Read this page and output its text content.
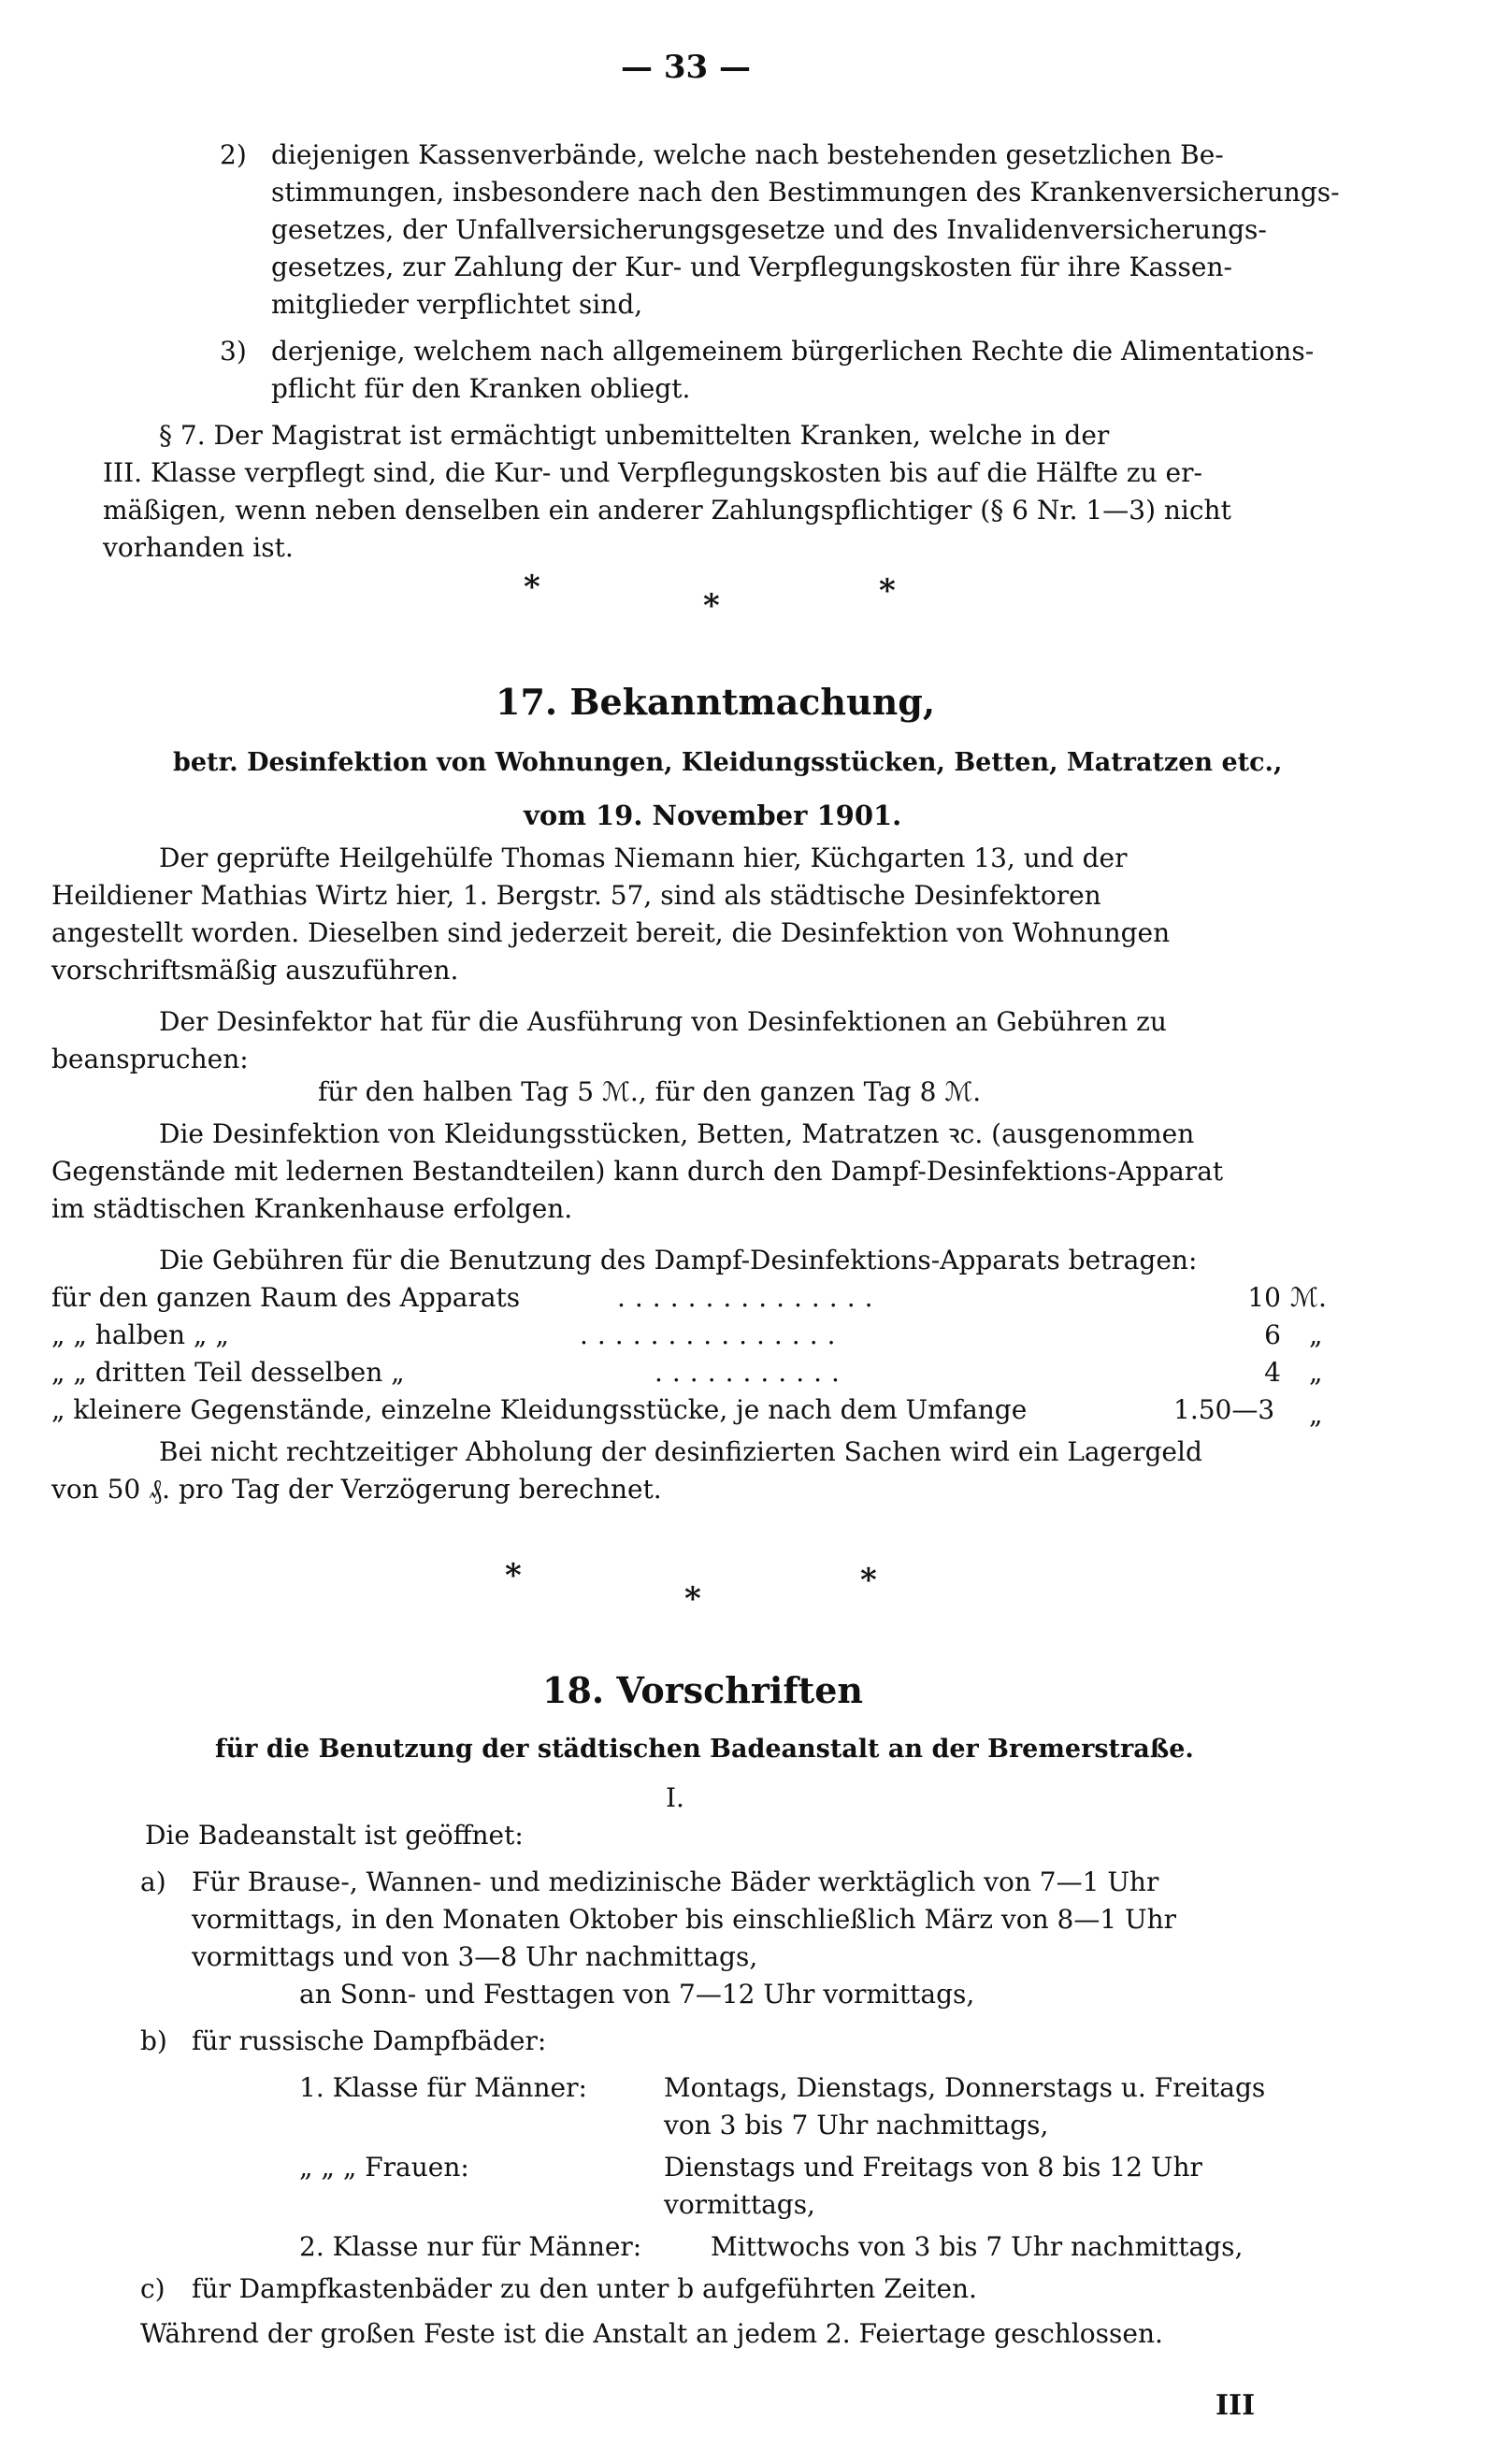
— 33 —
2) diejenigen Kassenverbände, welche nach bestehenden gesetzlichen Be-
stimmungen, insbesondere nach den Bestimmungen des Krankenversicherungs-
gesetzes, der Unfallversicherungsgesetze und des Invalidenversicherungs-
gesetzes, zur Zahlung der Kur- und Verpflegungskosten für ihre Kassen-
mitglieder verpflichtet sind,
3) derjenige, welchem nach allgemeinem bürgerlichen Rechte die Alimentations-
pflicht für den Kranken obliegt.
§ 7. Der Magistrat ist ermächtigt unbemittelten Kranken, welche in der
III. Klasse verpflegt sind, die Kur- und Verpflegungskosten bis auf die Hälfte zu er-
mäßigen, wenn neben denselben ein anderer Zahlungspflichtiger (§ 6 Nr. 1—3) nicht
vorhanden ist.
*	*	*
17. Bekanntmachung,
betr. Desinfektion von Wohnungen, Kleidungsstücken, Betten, Matratzen etc.,
vom 19. November 1901.
Der geprüfte Heilgehülfe Thomas Niemann hier, Küchgarten 13, und der
Heildiener Mathias Wirtz hier, 1. Bergstr. 57, sind als städtische Desinfektoren
angestellt worden. Dieselben sind jederzeit bereit, die Desinfektion von Wohnungen
vorschriftsmäßig auszuführen.
Der Desinfektor hat für die Ausführung von Desinfektionen an Gebühren zu
beanspruchen:
für den halben Tag 5 ℳ., für den ganzen Tag 8 ℳ.
Die Desinfektion von Kleidungsstücken, Betten, Matratzen ꝛc. (ausgenommen
Gegenstände mit ledernen Bestandteilen) kann durch den Dampf-Desinfektions-Apparat
im städtischen Krankenhause erfolgen.
Die Gebühren für die Benutzung des Dampf-Desinfektions-Apparats betragen:
für den ganzen Raum des Apparats	...............	10 ℳ.
„ „ halben „ „	...............	6 „
„ „ dritten Teil desselben „	...........	4 „
„ kleinere Gegenstände, einzelne Kleidungsstücke, je nach dem Umfange	1.50—3 „
Bei nicht rechtzeitiger Abholung der desinfizierten Sachen wird ein Lagergeld
von 50 ₰. pro Tag der Verzögerung berechnet.
*
*	*
18. Vorschriften
für die Benutzung der städtischen Badeanstalt an der Bremerstraße.
I.
Die Badeanstalt ist geöffnet:
a) Für Brause-, Wannen- und medizinische Bäder werktäglich von 7—1 Uhr
vormittags, in den Monaten Oktober bis einschließlich März von 8—1 Uhr
vormittags und von 3—8 Uhr nachmittags,
an Sonn- und Festtagen von 7—12 Uhr vormittags,
b) für russische Dampfbäder:
1. Klasse für Männer:	Montags, Dienstags, Donnerstags u. Freitags
von 3 bis 7 Uhr nachmittags,
„ „ „ Frauen:	Dienstags und Freitags von 8 bis 12 Uhr
vormittags,
2. Klasse nur für Männer:	Mittwochs von 3 bis 7 Uhr nachmittags,
c) für Dampfkastenbäder zu den unter b aufgeführten Zeiten.
Während der großen Feste ist die Anstalt an jedem 2. Feiertage geschlossen.
III
